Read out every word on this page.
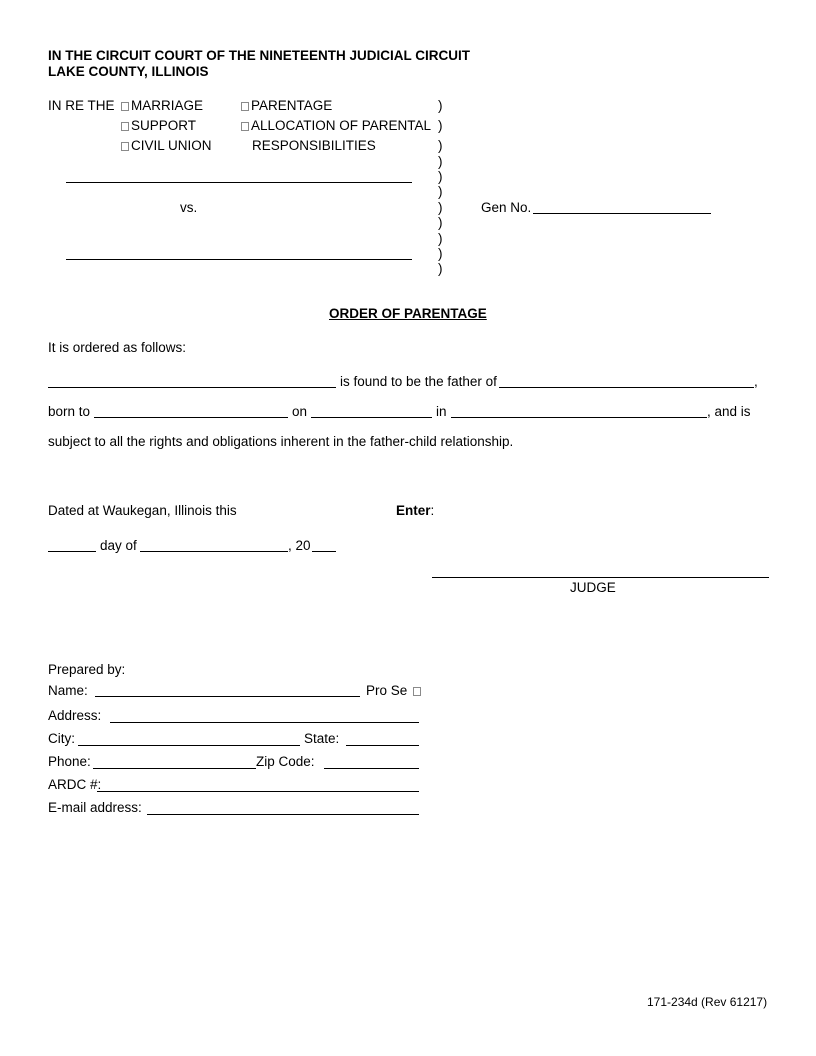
IN THE CIRCUIT COURT OF THE NINETEENTH JUDICIAL CIRCUIT
LAKE COUNTY, ILLINOIS
IN RE THE	MARRIAGE
SUPPORT
CIVIL UNION
PARENTAGE
ALLOCATION OF PARENTAL
RESPONSIBILITIES
)
)
)
)
)
)
)
)
)
)
)
vs.	Gen No.
ORDER OF PARENTAGE
It is ordered as follows:
is found to be the father of	,
born to	on	in	, and is
subject to all the rights and obligations inherent in the father-child relationship.
Dated at Waukegan, Illinois this	Enter:
day of	, 20
JUDGE
Prepared by:
Name:	Pro Se
Address:
City:	State:
Phone:	Zip Code:
ARDC #:
E-mail address:
171-234d (Rev 61217)
